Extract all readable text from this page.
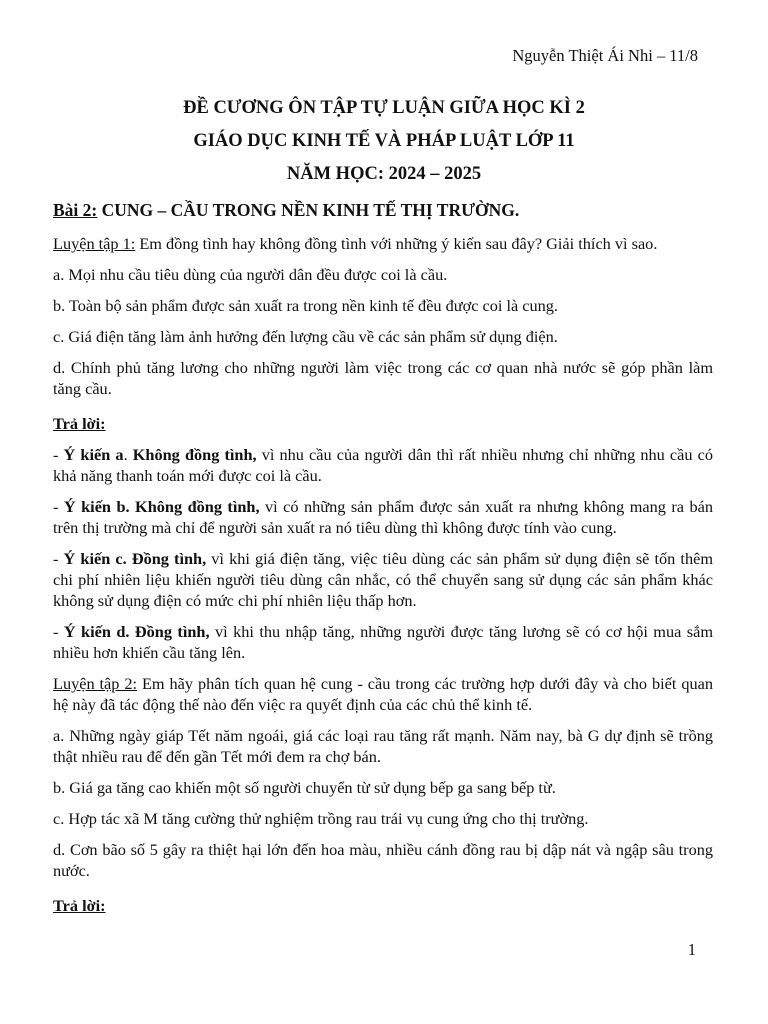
Nguyễn Thiệt Ái Nhi – 11/8
ĐỀ CƯƠNG ÔN TẬP TỰ LUẬN GIỮA HỌC KÌ 2
GIÁO DỤC KINH TẾ VÀ PHÁP LUẬT LỚP 11
NĂM HỌC: 2024 – 2025

Bài 2: CUNG – CẦU TRONG NỀN KINH TẾ THỊ TRƯỜNG.

Luyện tập 1: Em đồng tình hay không đồng tình với những ý kiến sau đây? Giải thích vì sao.

a. Mọi nhu cầu tiêu dùng của người dân đều được coi là cầu.

b. Toàn bộ sản phẩm được sản xuất ra trong nền kinh tế đều được coi là cung.

c. Giá điện tăng làm ảnh hưởng đến lượng cầu về các sản phẩm sử dụng điện.

d. Chính phủ tăng lương cho những người làm việc trong các cơ quan nhà nước sẽ góp phần làm tăng cầu.

Trả lời:

- Ý kiến a. Không đồng tình, vì nhu cầu của người dân thì rất nhiều nhưng chỉ những nhu cầu có khả năng thanh toán mới được coi là cầu.

- Ý kiến b. Không đồng tình, vì có những sản phẩm được sản xuất ra nhưng không mang ra bán trên thị trường mà chỉ để người sản xuất ra nó tiêu dùng thì không được tính vào cung.

- Ý kiến c. Đồng tình, vì khi giá điện tăng, việc tiêu dùng các sản phẩm sử dụng điện sẽ tốn thêm chi phí nhiên liệu khiến người tiêu dùng cân nhắc, có thể chuyển sang sử dụng các sản phẩm khác không sử dụng điện có mức chi phí nhiên liệu thấp hơn.

- Ý kiến d. Đồng tình, vì khi thu nhập tăng, những người được tăng lương sẽ có cơ hội mua sắm nhiều hơn khiến cầu tăng lên.

Luyện tập 2: Em hãy phân tích quan hệ cung - cầu trong các trường hợp dưới đây và cho biết quan hệ này đã tác động thế nào đến việc ra quyết định của các chủ thể kinh tế.

a. Những ngày giáp Tết năm ngoái, giá các loại rau tăng rất mạnh. Năm nay, bà G dự định sẽ trồng thật nhiều rau để đến gần Tết mới đem ra chợ bán.

b. Giá ga tăng cao khiến một số người chuyển từ sử dụng bếp ga sang bếp từ.

c. Hợp tác xã M tăng cường thử nghiệm trồng rau trái vụ cung ứng cho thị trường.

d. Cơn bão số 5 gây ra thiệt hại lớn đến hoa màu, nhiều cánh đồng rau bị dập nát và ngập sâu trong nước.

Trả lời:

1
